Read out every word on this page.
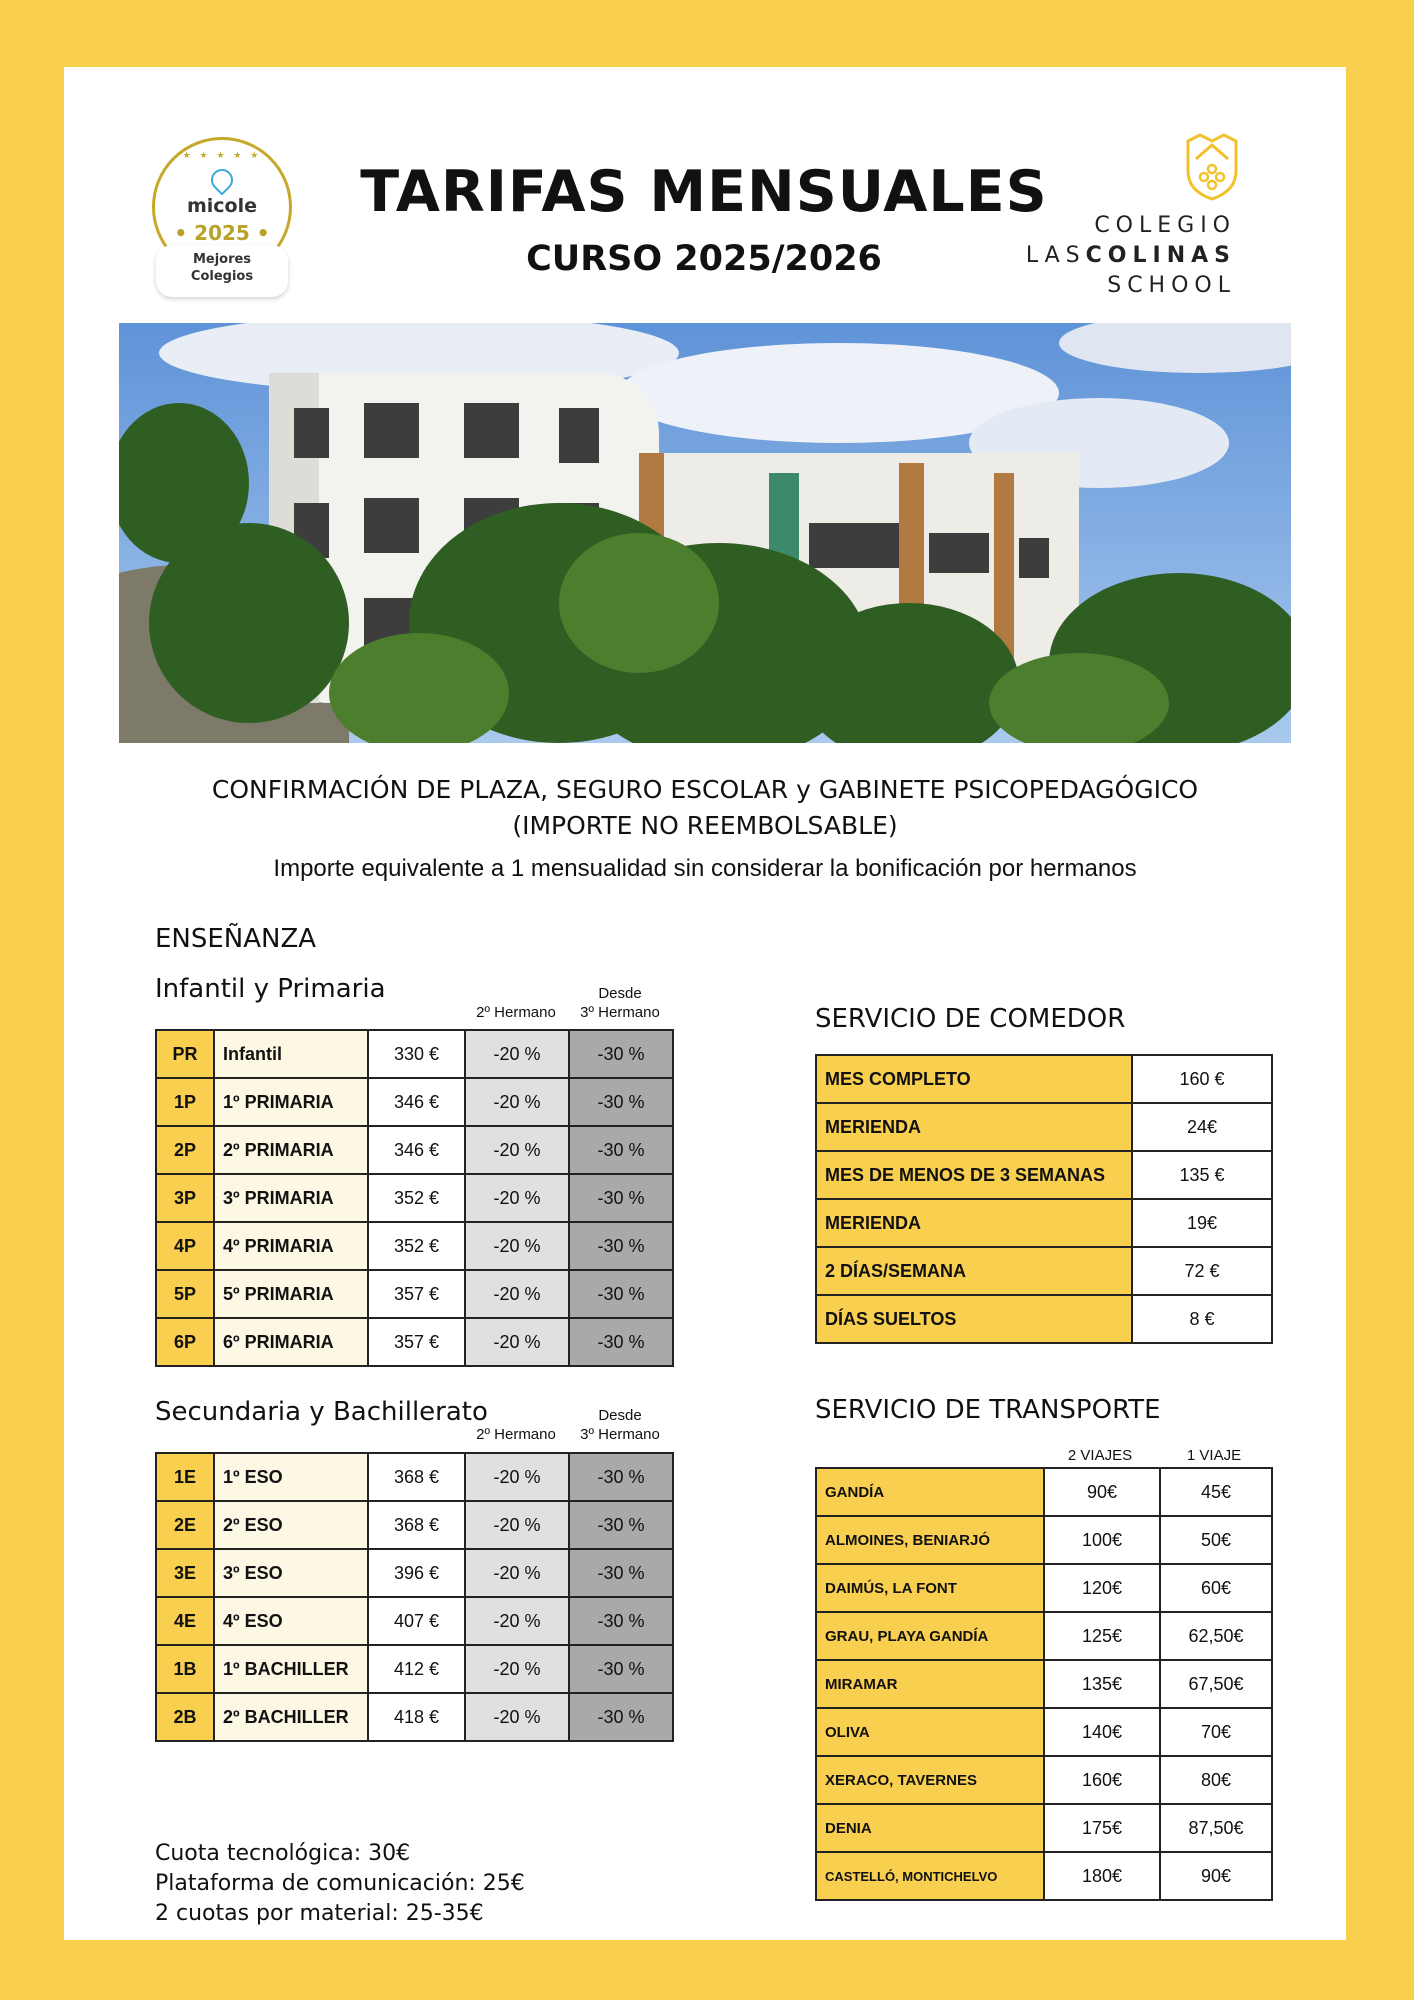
★ ★ ★ ★ ★
micole
• 2025 •
Mejores
Colegios
TARIFAS MENSUALES
CURSO 2025/2026
COLEGIO
LASCOLINAS
SCHOOL
CONFIRMACIÓN DE PLAZA, SEGURO ESCOLAR y GABINETE PSICOPEDAGÓGICO
(IMPORTE NO REEMBOLSABLE)
Importe equivalente a 1 mensualidad sin considerar la bonificación por hermanos
ENSEÑANZA
Infantil y Primaria
2º Hermano
Desde
3º Hermano
PR	Infantil	330 €	-20 %	-30 %
1P	1º PRIMARIA	346 €	-20 %	-30 %
2P	2º PRIMARIA	346 €	-20 %	-30 %
3P	3º PRIMARIA	352 €	-20 %	-30 %
4P	4º PRIMARIA	352 €	-20 %	-30 %
5P	5º PRIMARIA	357 €	-20 %	-30 %
6P	6º PRIMARIA	357 €	-20 %	-30 %
Secundaria y Bachillerato
2º Hermano
Desde
3º Hermano
1E	1º ESO	368 €	-20 %	-30 %
2E	2º ESO	368 €	-20 %	-30 %
3E	3º ESO	396 €	-20 %	-30 %
4E	4º ESO	407 €	-20 %	-30 %
1B	1º BACHILLER	412 €	-20 %	-30 %
2B	2º BACHILLER	418 €	-20 %	-30 %
SERVICIO DE COMEDOR
MES COMPLETO	160 €
MERIENDA	24€
MES DE MENOS DE 3 SEMANAS	135 €
MERIENDA	19€
2 DÍAS/SEMANA	72 €
DÍAS SUELTOS	8 €
SERVICIO DE TRANSPORTE
2 VIAJES	1 VIAJE
GANDÍA	90€	45€
ALMOINES, BENIARJÓ	100€	50€
DAIMÚS, LA FONT	120€	60€
GRAU, PLAYA GANDÍA	125€	62,50€
MIRAMAR	135€	67,50€
OLIVA	140€	70€
XERACO, TAVERNES	160€	80€
DENIA	175€	87,50€
CASTELLÓ, MONTICHELVO	180€	90€
Cuota tecnológica: 30€
Plataforma de comunicación: 25€
2 cuotas por material: 25-35€
